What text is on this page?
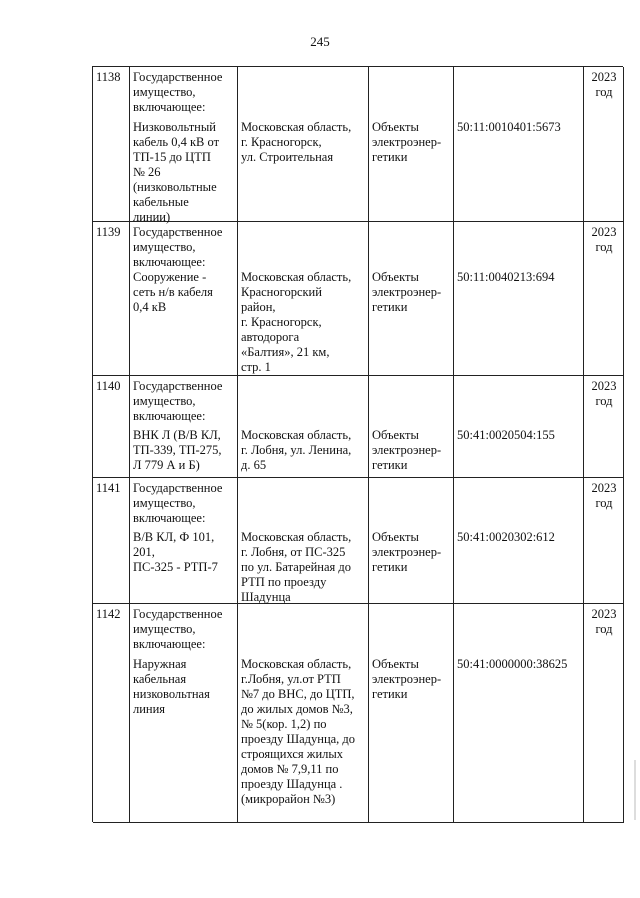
245
1138 Государственное
имущество,
включающее:
Низковольтный
кабель 0,4 кВ от
ТП-15 до ЦТП
№ 26
(низковольтные
кабельные
линии)
Московская область,
г. Красногорск,
ул. Строительная
Объекты
электроэнер-
гетики
50:11:0010401:5673
2023
год
1139 Государственное
имущество,
включающее:
Сооружение -
сеть н/в кабеля
0,4 кВ
Московская область,
Красногорский
район,
г. Красногорск,
автодорога
«Балтия», 21 км,
стр. 1
Объекты
электроэнер-
гетики
50:11:0040213:694
2023
год
1140 Государственное
имущество,
включающее:
ВНК Л (В/В КЛ,
ТП-339, ТП-275,
Л 779 А и Б)
Московская область,
г. Лобня, ул. Ленина,
д. 65
Объекты
электроэнер-
гетики
50:41:0020504:155
2023
год
1141 Государственное
имущество,
включающее:
В/В КЛ, Ф 101,
201,
ПС-325 - РТП-7
Московская область,
г. Лобня, от ПС-325
по ул. Батарейная до
РТП по проезду
Шадунца
Объекты
электроэнер-
гетики
50:41:0020302:612
2023
год
1142 Государственное
имущество,
включающее:
Наружная
кабельная
низковольтная
линия
Московская область,
г.Лобня, ул.от РТП
№7 до ВНС, до ЦТП,
до жилых домов №3,
№ 5(кор. 1,2) по
проезду Шадунца, до
строящихся жилых
домов № 7,9,11 по
проезду Шадунца .
(микрорайон №3)
Объекты
электроэнер-
гетики
50:41:0000000:38625
2023
год
